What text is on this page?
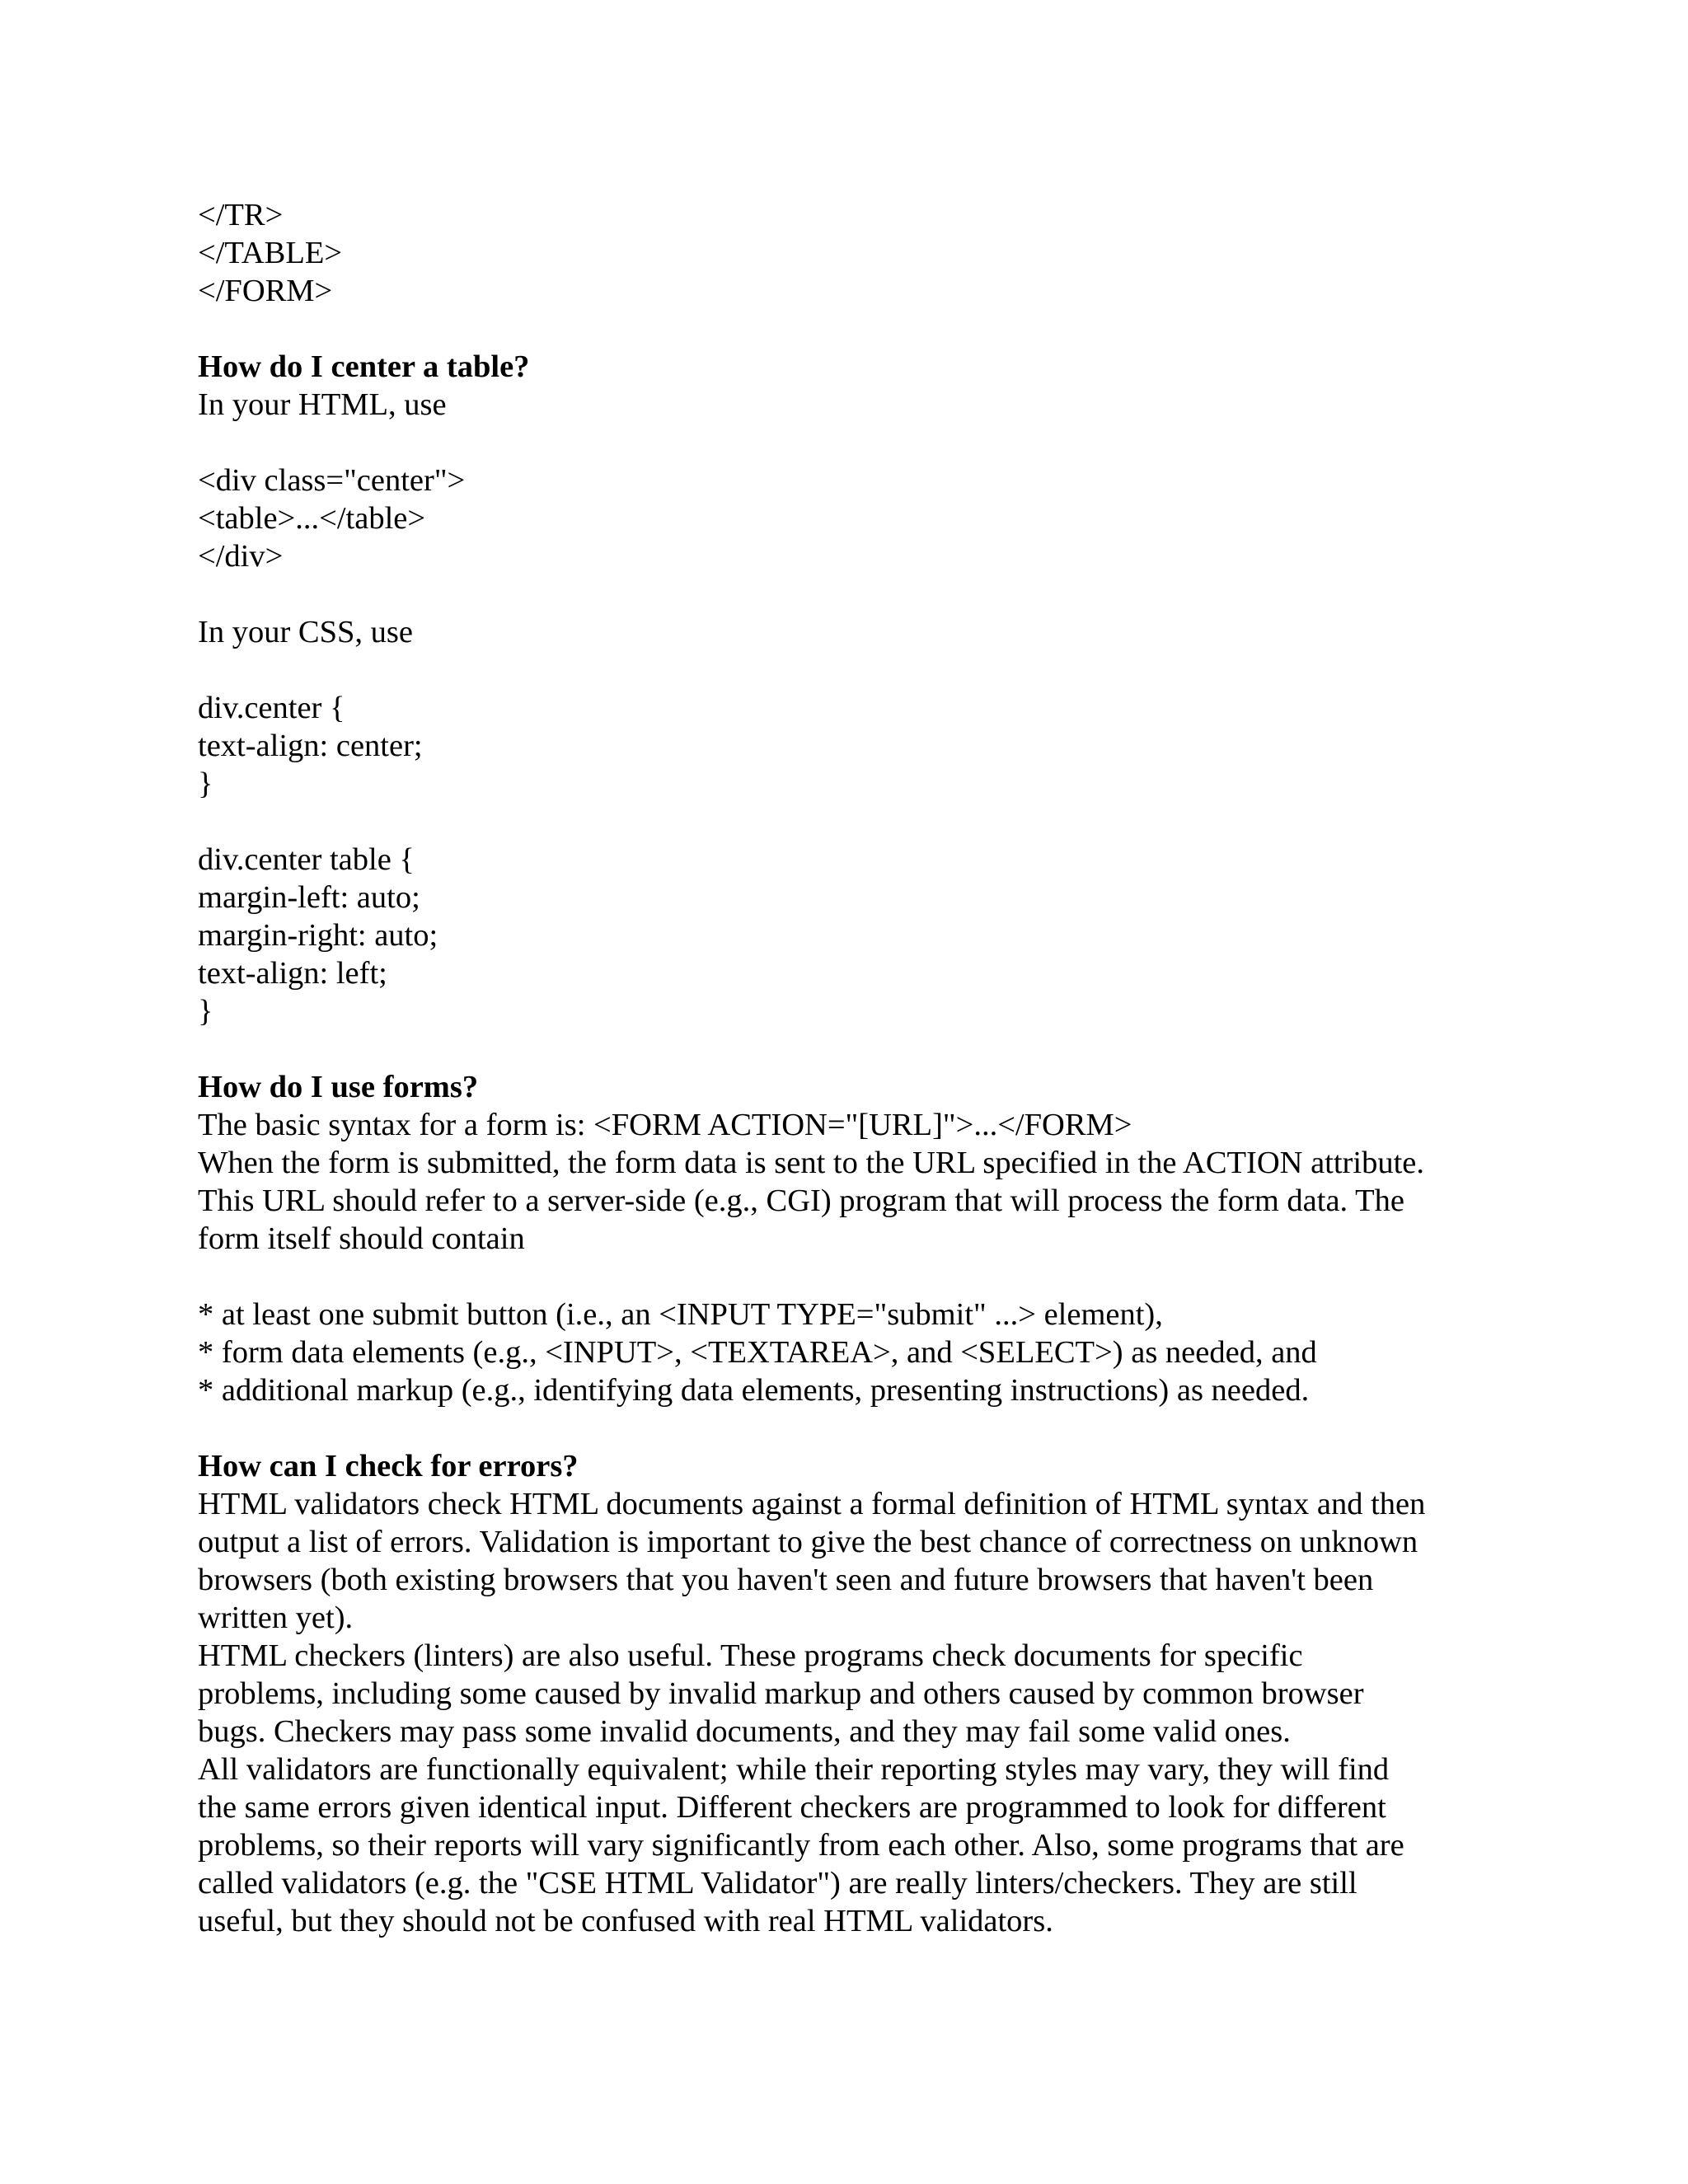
</TR>
</TABLE>
</FORM>
How do I center a table?
In your HTML, use
<div class="center">
<table>...</table>
</div>
In your CSS, use
div.center {
text-align: center;
}
div.center table {
margin-left: auto;
margin-right: auto;
text-align: left;
}
How do I use forms?
The basic syntax for a form is: <FORM ACTION="[URL]">...</FORM>
When the form is submitted, the form data is sent to the URL specified in the ACTION attribute.
This URL should refer to a server-side (e.g., CGI) program that will process the form data. The
form itself should contain
* at least one submit button (i.e., an <INPUT TYPE="submit" ...> element),
* form data elements (e.g., <INPUT>, <TEXTAREA>, and <SELECT>) as needed, and
* additional markup (e.g., identifying data elements, presenting instructions) as needed.
How can I check for errors?
HTML validators check HTML documents against a formal definition of HTML syntax and then
output a list of errors. Validation is important to give the best chance of correctness on unknown
browsers (both existing browsers that you haven't seen and future browsers that haven't been
written yet).
HTML checkers (linters) are also useful. These programs check documents for specific
problems, including some caused by invalid markup and others caused by common browser
bugs. Checkers may pass some invalid documents, and they may fail some valid ones.
All validators are functionally equivalent; while their reporting styles may vary, they will find
the same errors given identical input. Different checkers are programmed to look for different
problems, so their reports will vary significantly from each other. Also, some programs that are
called validators (e.g. the "CSE HTML Validator") are really linters/checkers. They are still
useful, but they should not be confused with real HTML validators.
